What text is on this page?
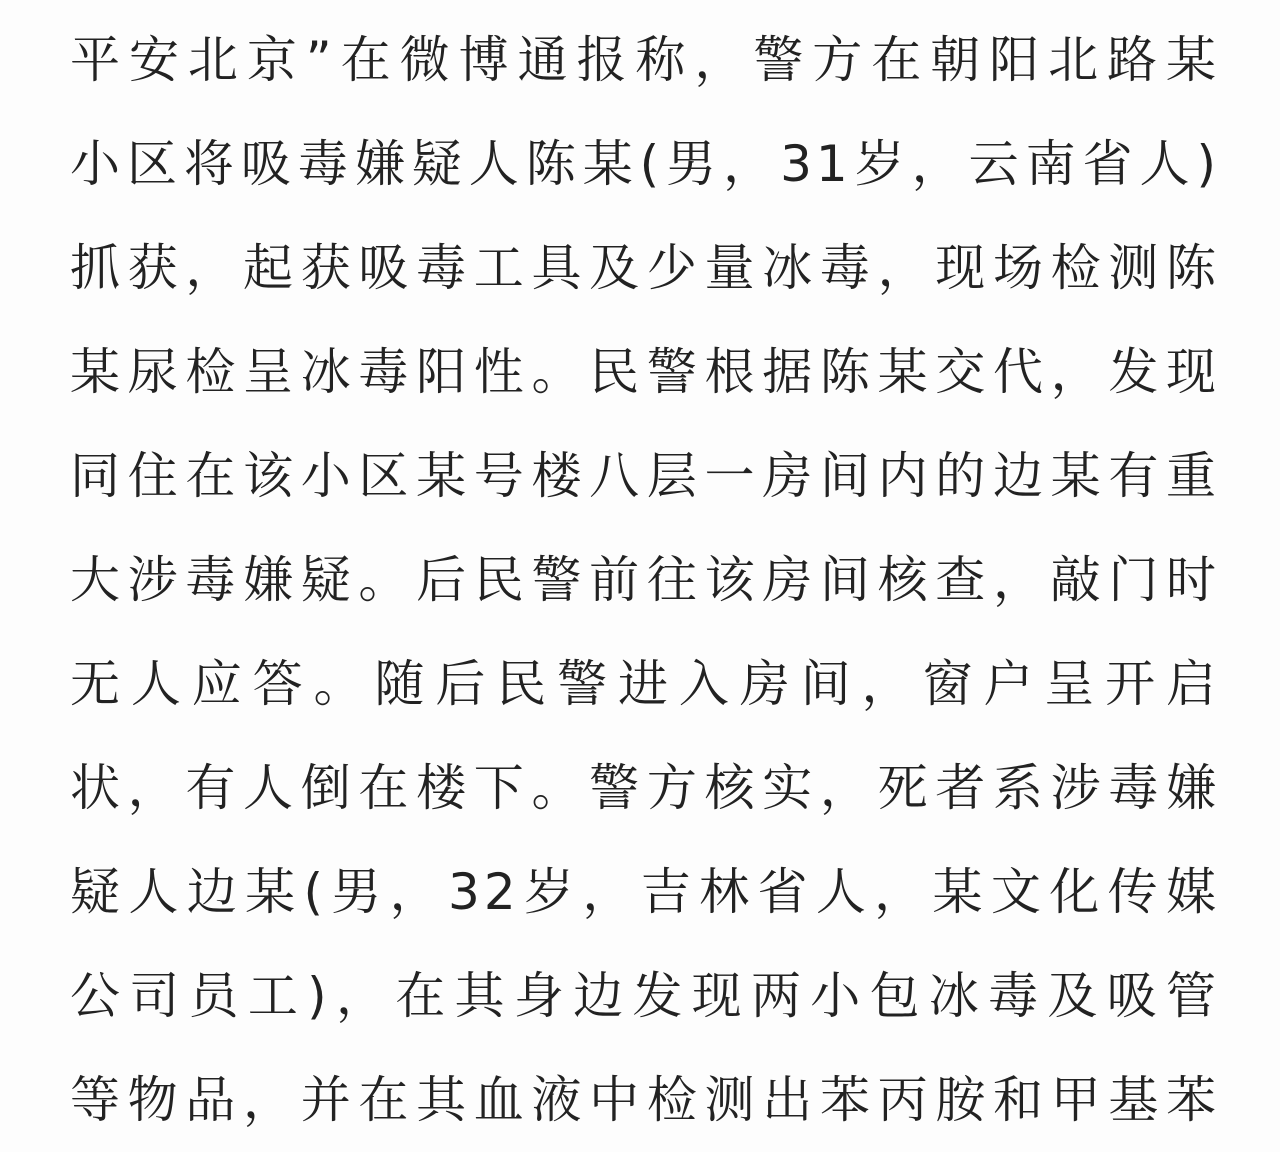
平安北京”在微博通报称，警方在朝阳北路某
小区将吸毒嫌疑人陈某(男，31岁，云南省人)
抓获，起获吸毒工具及少量冰毒，现场检测陈
某尿检呈冰毒阳性。民警根据陈某交代，发现
同住在该小区某号楼八层一房间内的边某有重
大涉毒嫌疑。后民警前往该房间核查，敲门时
无人应答。随后民警进入房间，窗户呈开启
状，有人倒在楼下。警方核实，死者系涉毒嫌
疑人边某(男，32岁，吉林省人，某文化传媒
公司员工)，在其身边发现两小包冰毒及吸管
等物品，并在其血液中检测出苯丙胺和甲基苯
